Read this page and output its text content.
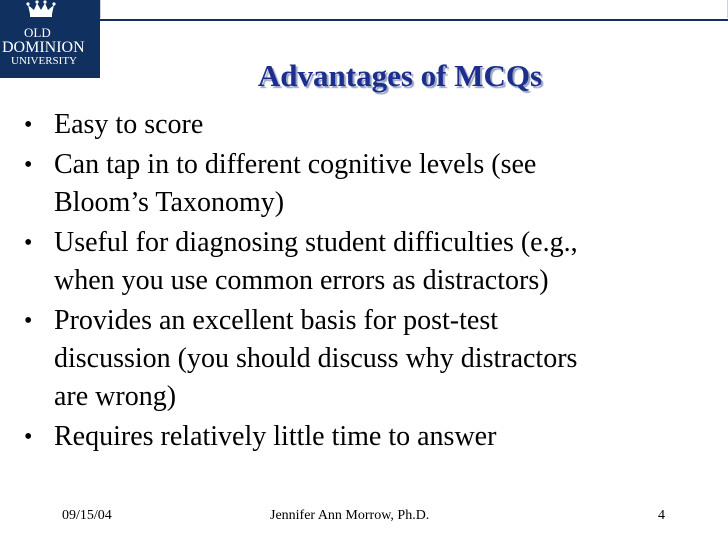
OLD
DOMINION
UNIVERSITY	Advantages of MCQs
• Easy to score
• Can tap in to different cognitive levels (see
Bloom’s Taxonomy)
• Useful for diagnosing student difficulties (e.g.,
when you use common errors as distractors)
• Provides an excellent basis for post-test
discussion (you should discuss why distractors
are wrong)
• Requires relatively little time to answer
09/15/04	Jennifer Ann Morrow, Ph.D.	4
